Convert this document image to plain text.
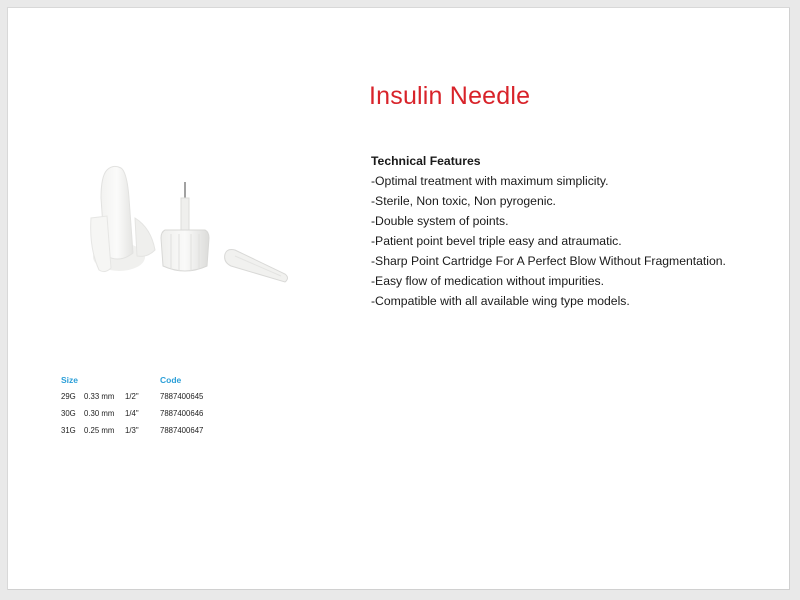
Insulin Needle
Technical Features
-Optimal treatment with maximum simplicity.
-Sterile, Non toxic, Non pyrogenic.
-Double system of points.
-Patient point bevel triple easy and atraumatic.
-Sharp Point Cartridge For A Perfect Blow Without Fragmentation.
-Easy flow of medication without impurities.
-Compatible with all available wing type models.
Size	Code
29G 0.33 mm 1/2"	7887400645
30G 0.30 mm 1/4"	7887400646
31G 0.25 mm 1/3"	7887400647
